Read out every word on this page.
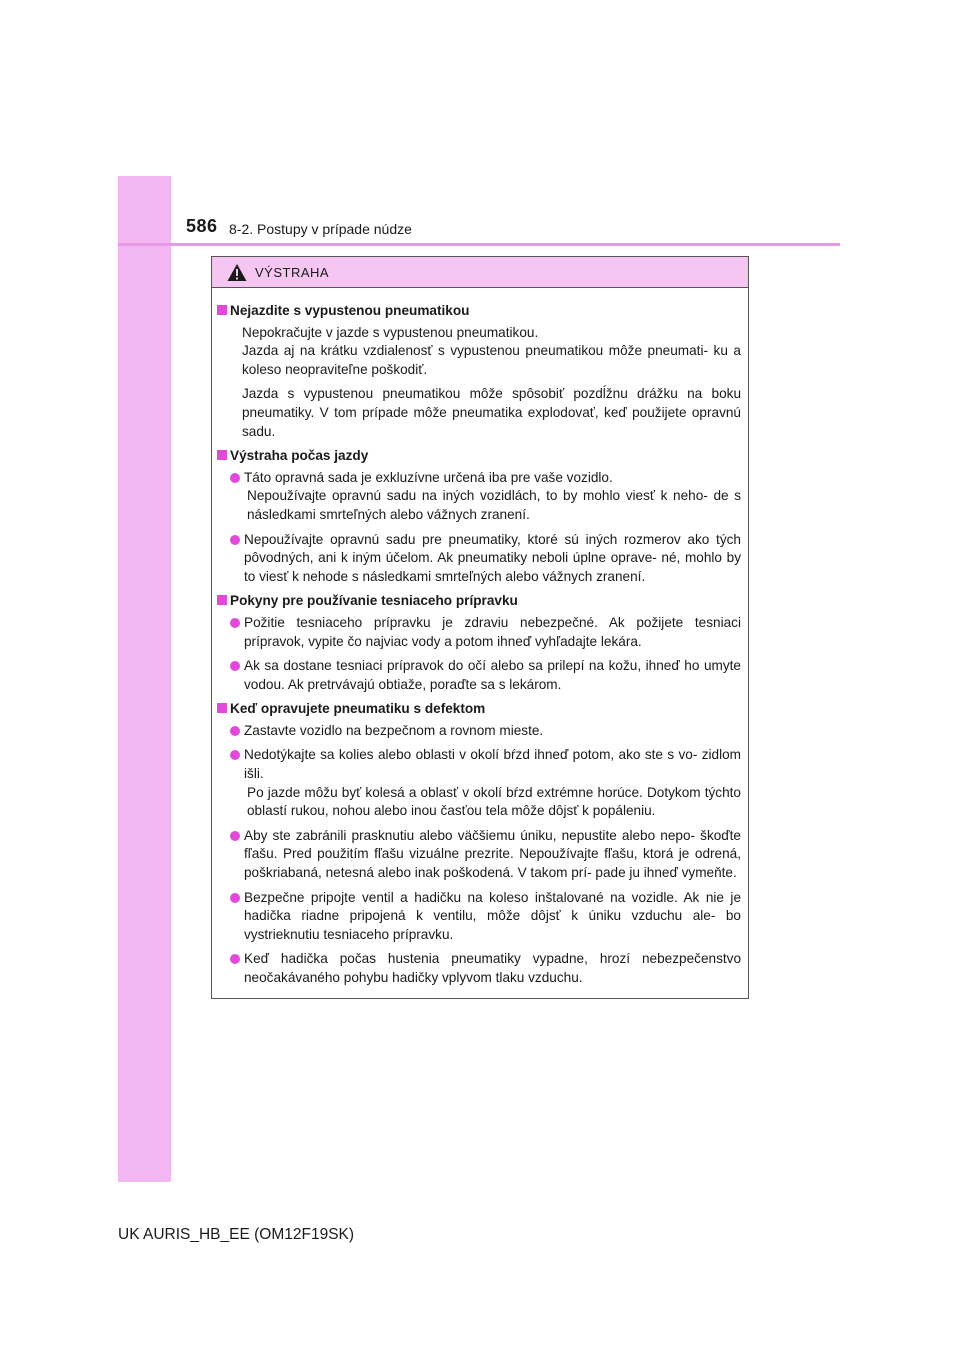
586 8-2. Postupy v prípade núdze
VÝSTRAHA
Nejazdite s vypustenou pneumatikou
Nepokračujte v jazde s vypustenou pneumatikou.
Jazda aj na krátku vzdialenosť s vypustenou pneumatikou môže pneumati- ku a koleso neopraviteľne poškodiť.
Jazda s vypustenou pneumatikou môže spôsobiť pozdĺžnu drážku na boku pneumatiky. V tom prípade môže pneumatika explodovať, keď použijete opravnú sadu.
Výstraha počas jazdy
Táto opravná sada je exkluzívne určená iba pre vaše vozidlo.
Nepoužívajte opravnú sadu na iných vozidlách, to by mohlo viesť k neho- de s následkami smrteľných alebo vážnych zranení.
Nepoužívajte opravnú sadu pre pneumatiky, ktoré sú iných rozmerov ako tých pôvodných, ani k iným účelom. Ak pneumatiky neboli úplne oprave- né, mohlo by to viesť k nehode s následkami smrteľných alebo vážnych zranení.
Pokyny pre používanie tesniaceho prípravku
Požitie tesniaceho prípravku je zdraviu nebezpečné. Ak požijete tesniaci prípravok, vypite čo najviac vody a potom ihneď vyhľadajte lekára.
Ak sa dostane tesniaci prípravok do očí alebo sa prilepí na kožu, ihneď ho umyte vodou. Ak pretrvávajú obtiaže, poraďte sa s lekárom.
Keď opravujete pneumatiku s defektom
Zastavte vozidlo na bezpečnom a rovnom mieste.
Nedotýkajte sa kolies alebo oblasti v okolí bŕzd ihneď potom, ako ste s vo- zidlom išli.
Po jazde môžu byť kolesá a oblasť v okolí bŕzd extrémne horúce. Dotykom týchto oblastí rukou, nohou alebo inou časťou tela môže dôjsť k popáleniu.
Aby ste zabránili prasknutiu alebo väčšiemu úniku, nepustite alebo nepo- škoďte fľašu. Pred použitím fľašu vizuálne prezrite. Nepoužívajte fľašu, ktorá je odrená, poškriabaná, netesná alebo inak poškodená. V takom prí- pade ju ihneď vymeňte.
Bezpečne pripojte ventil a hadičku na koleso inštalované na vozidle. Ak nie je hadička riadne pripojená k ventilu, môže dôjsť k úniku vzduchu ale- bo vystrieknutiu tesniaceho prípravku.
Keď hadička počas hustenia pneumatiky vypadne, hrozí nebezpečenstvo neočakávaného pohybu hadičky vplyvom tlaku vzduchu.
UK AURIS_HB_EE (OM12F19SK)
